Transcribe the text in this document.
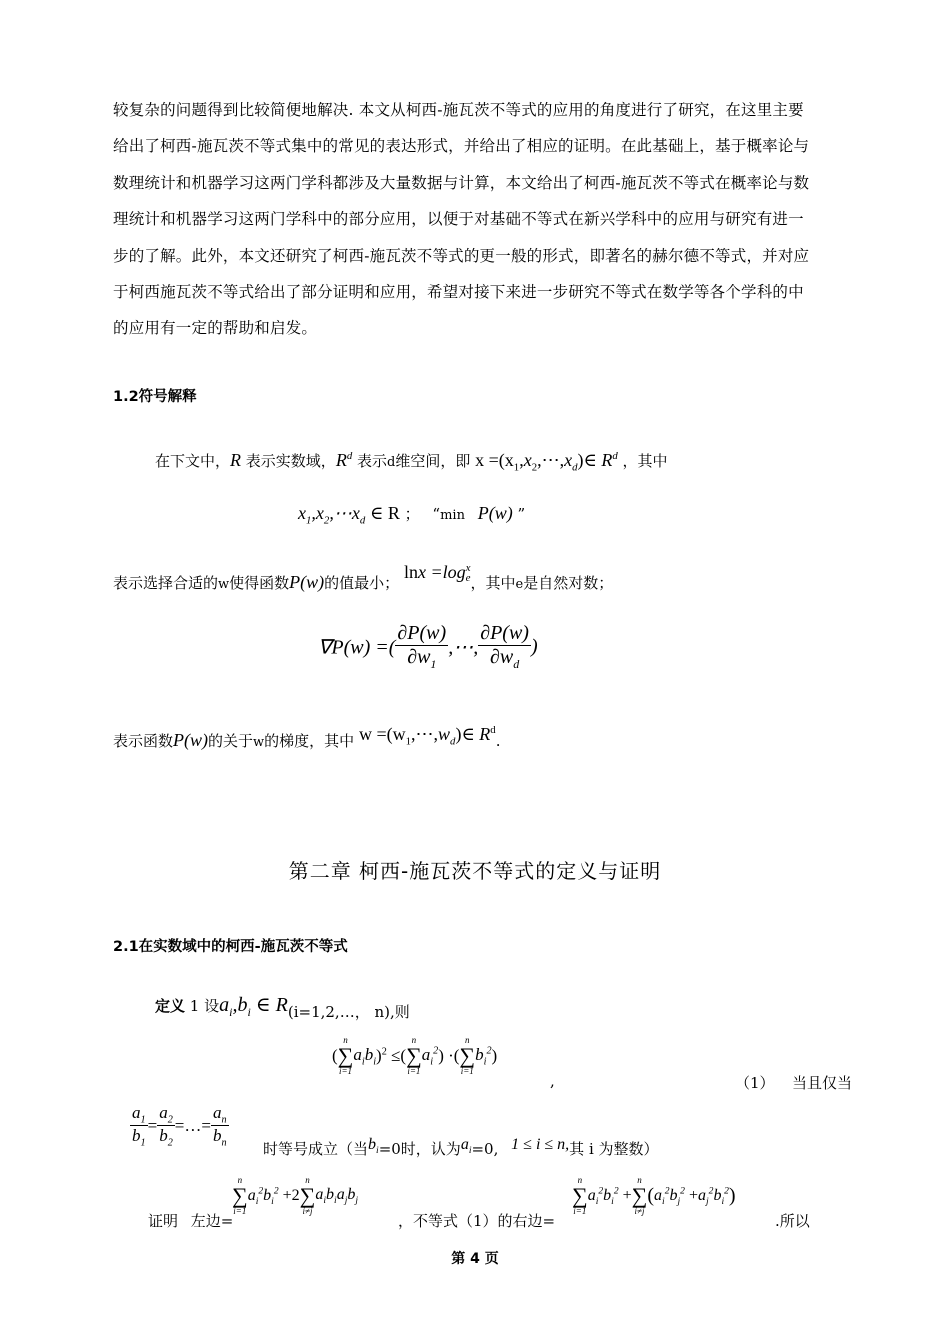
较复杂的问题得到比较简便地解决. 本文从柯西-施瓦茨不等式的应用的角度进行了研究，在这里主要
给出了柯西-施瓦茨不等式集中的常见的表达形式，并给出了相应的证明。在此基础上，基于概率论与
数理统计和机器学习这两门学科都涉及大量数据与计算，本文给出了柯西-施瓦茨不等式在概率论与数
理统计和机器学习这两门学科中的部分应用，以便于对基础不等式在新兴学科中的应用与研究有进一
步的了解。此外，本文还研究了柯西-施瓦茨不等式的更一般的形式，即著名的赫尔德不等式，并对应
于柯西施瓦茨不等式给出了部分证明和应用，希望对接下来进一步研究不等式在数学等各个学科的中
的应用有一定的帮助和启发。
1.2符号解释
在下文中，R 表示实数域，$R^d$ 表示d维空间，即 $x =(x_1,x_2,\cdots,x_d)\in$ $R^d$ ，其中
$x_1,x_2,\cdots x_d$ ∈ R ； “min P(w) ”
表示选择合适的w使得函数P(w)的值最小； lnx =logx
e，其中e是自然对数；
∇P(w) =( $\frac{\partial P(w)}{\partial w_1}$ ,⋯, $\frac{\partial P(w)}{\partial w_d}$ )
表示函数P(w)的关于w的梯度，其中 $w =(w_1,\cdots,w_d)\in$ $R^d$.
第二章 柯西-施瓦茨不等式的定义与证明
2.1在实数域中的柯西-施瓦茨不等式
定义 1 设$a_i,b_i$ ∈ R(i=1,2,…， n),则
(
n
∑
i=1
$a_ib_i)^2$ ≤(
n
∑
i=1
$a_i^2$) ·(
n
∑
i=1
$b_i^2$)
,	（1） 当且仅当
$\frac{a_1}{b_1} = \frac{a_2}{b_2}$ =…= $\frac{a_n}{b_n}$
时等号成立（当$b_i=0$时，认为$a_i=0$, 1 ≤ i ≤ n,其 i 为整数）
证明 左边=
n
∑
i=1
$a_i^2b_i^2 +2$
n
∑
i≠j
$a_ib_ia_jb_j$
，不等式（1）的右边=
n
∑
i=1
$a_i^2b_i^2$ +
n
∑
i≠j
$(a_i^2b_j^2 +a_j^2b_i^2)$
.所以
第 4 页
